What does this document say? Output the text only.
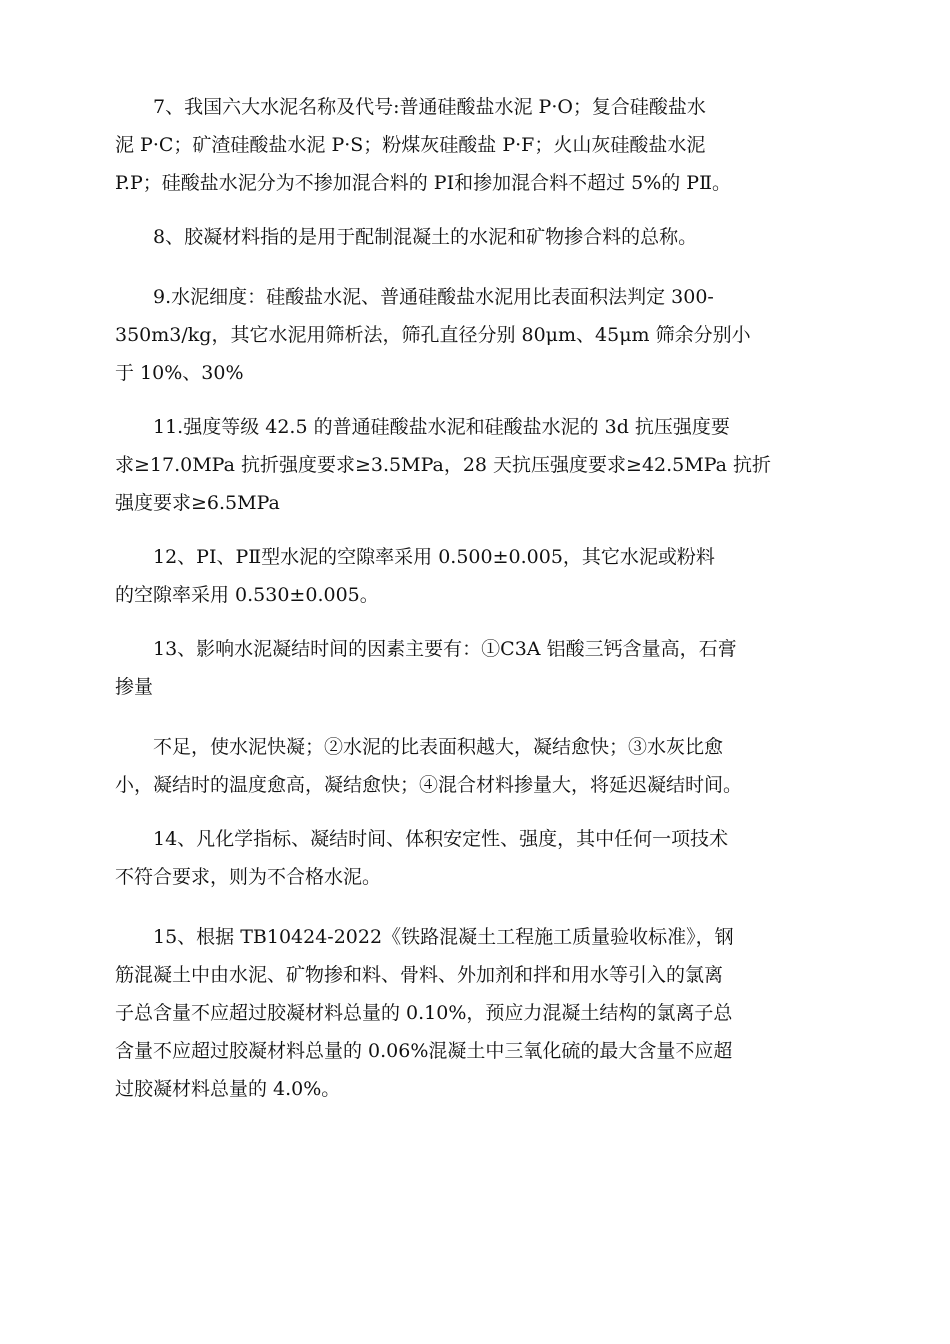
　　7、我国六大水泥名称及代号:普通硅酸盐水泥 P·O；复合硅酸盐水
泥 P·C；矿渣硅酸盐水泥 P·S；粉煤灰硅酸盐 P·F；火山灰硅酸盐水泥
P.P；硅酸盐水泥分为不掺加混合料的 PⅠ和掺加混合料不超过 5%的 PⅡ。

　　8、胶凝材料指的是用于配制混凝土的水泥和矿物掺合料的总称。

　　9.水泥细度：硅酸盐水泥、普通硅酸盐水泥用比表面积法判定 300-
350m3/kg，其它水泥用筛析法，筛孔直径分别 80μm、45μm 筛余分别小
于 10%、30%

　　11.强度等级 42.5 的普通硅酸盐水泥和硅酸盐水泥的 3d 抗压强度要
求≥17.0MPa 抗折强度要求≥3.5MPa，28 天抗压强度要求≥42.5MPa 抗折
强度要求≥6.5MPa

　　12、PⅠ、PⅡ型水泥的空隙率采用 0.500±0.005，其它水泥或粉料
的空隙率采用 0.530±0.005。

　　13、影响水泥凝结时间的因素主要有：①C3A 铝酸三钙含量高，石膏
掺量

　　不足，使水泥快凝；②水泥的比表面积越大，凝结愈快；③水灰比愈
小，凝结时的温度愈高，凝结愈快；④混合材料掺量大，将延迟凝结时间。

　　14、凡化学指标、凝结时间、体积安定性、强度，其中任何一项技术
不符合要求，则为不合格水泥。

　　15、根据 TB10424-2022《铁路混凝土工程施工质量验收标准》，钢
筋混凝土中由水泥、矿物掺和料、骨料、外加剂和拌和用水等引入的氯离
子总含量不应超过胶凝材料总量的 0.10%，预应力混凝土结构的氯离子总
含量不应超过胶凝材料总量的 0.06%混凝土中三氧化硫的最大含量不应超
过胶凝材料总量的 4.0%。
